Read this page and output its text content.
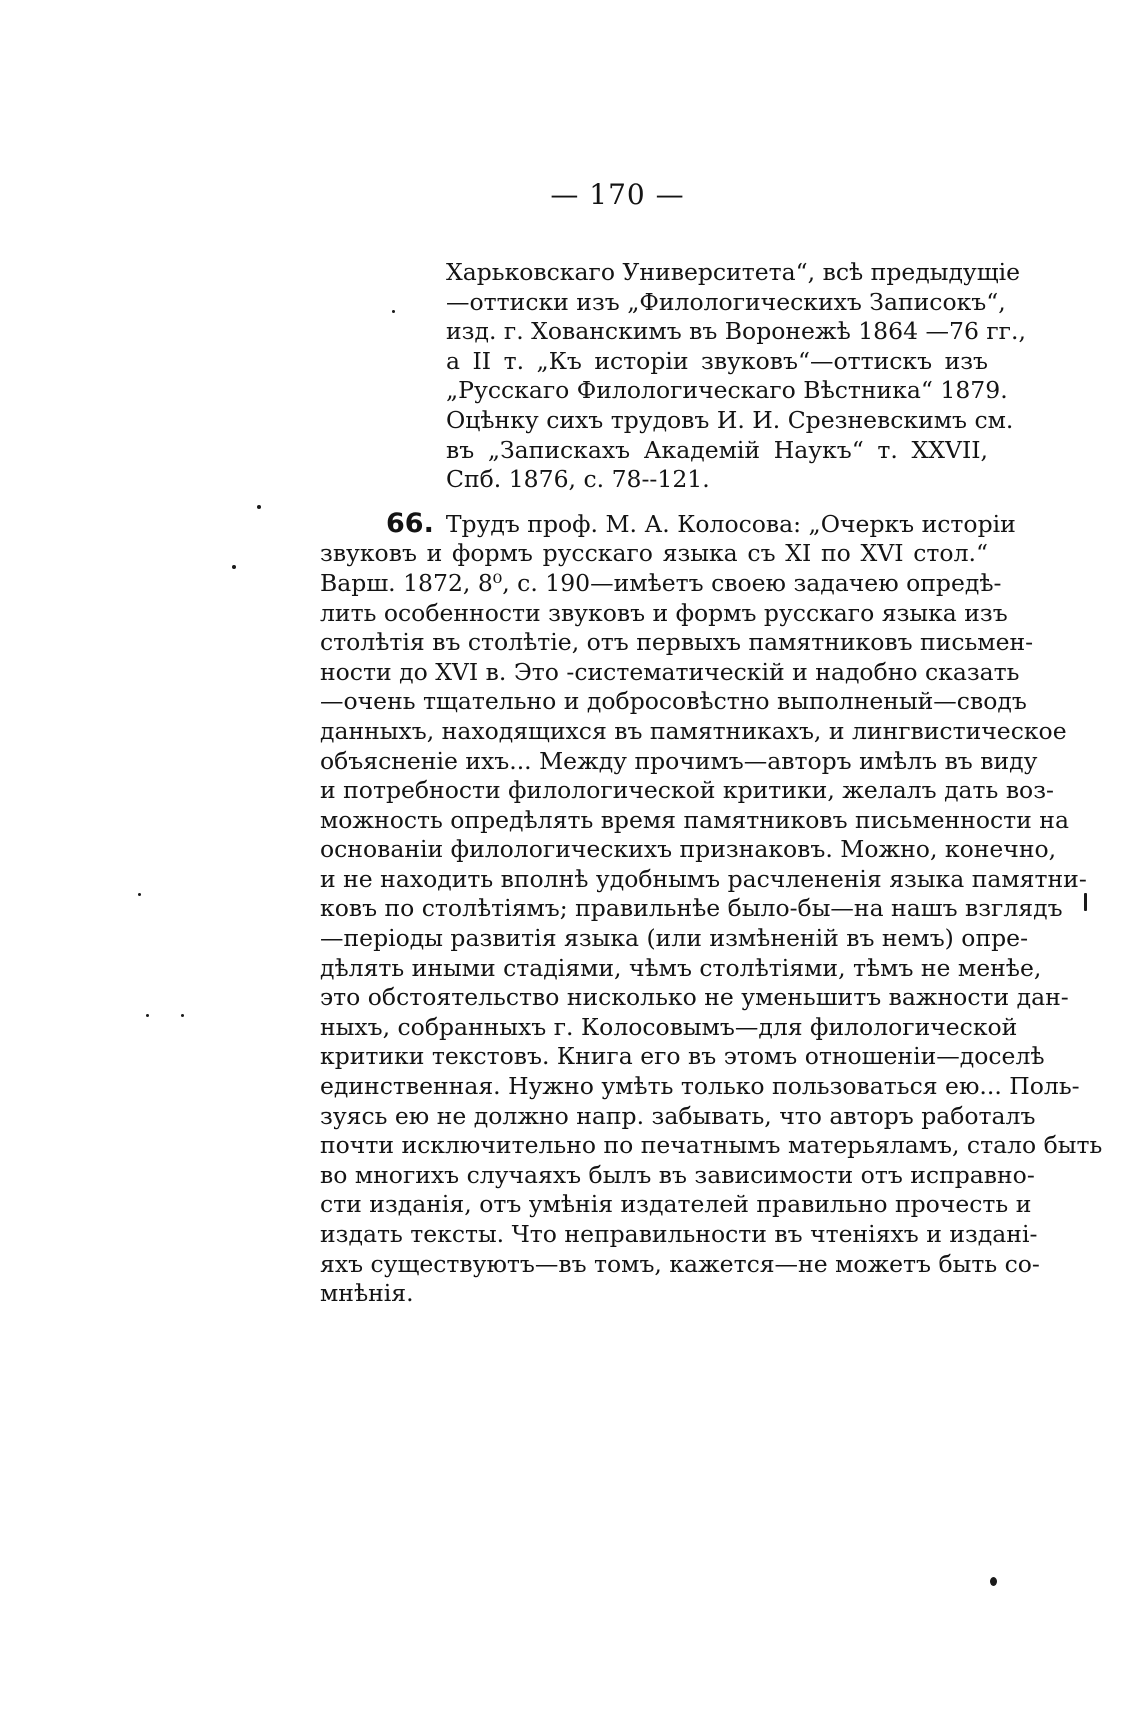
— 170 —
Харьковскаго Университета“, всѣ предыдущіе
—оттиски изъ „Филологическихъ Записокъ“,
изд. г. Хованскимъ въ Воронежѣ 1864 —76 гг.,
а II т. „Къ исторіи звуковъ“—оттискъ изъ
„Русскаго Филологическаго Вѣстника“ 1879.
Оцѣнку сихъ трудовъ И. И. Срезневскимъ см.
въ „Запискахъ Академій Наукъ“ т. XXVII,
Спб. 1876, с. 78--121.
66. Трудъ проф. М. А. Колосова: „Очеркъ исторіи
звуковъ и формъ русскаго языка съ XI по XVI стол.“
Варш. 1872, 8⁰, с. 190—имѣетъ своею задачею опредѣ-
лить особенности звуковъ и формъ русскаго языка изъ
столѣтія въ столѣтіе, отъ первыхъ памятниковъ письмен-
ности до XVI в. Это -систематическій и надобно сказать
—очень тщательно и добросовѣстно выполненый—сводъ
данныхъ, находящихся въ памятникахъ, и лингвистическое
объясненіе ихъ... Между прочимъ—авторъ имѣлъ въ виду
и потребности филологической критики, желалъ дать воз-
можность опредѣлять время памятниковъ письменности на
основаніи филологическихъ признаковъ. Можно, конечно,
и не находить вполнѣ удобнымъ расчлененія языка памятни-
ковъ по столѣтіямъ; правильнѣе было-бы—на нашъ взглядъ
—періоды развитія языка (или измѣненій въ немъ) опре-
дѣлять иными стадіями, чѣмъ столѣтіями, тѣмъ не менѣе,
это обстоятельство нисколько не уменьшитъ важности дан-
ныхъ, собранныхъ г. Колосовымъ—для филологической
критики текстовъ. Книга его въ этомъ отношеніи—доселѣ
единственная. Нужно умѣть только пользоваться ею... Поль-
зуясь ею не должно напр. забывать, что авторъ работалъ
почти исключительно по печатнымъ матерьяламъ, стало быть
во многихъ случаяхъ былъ въ зависимости отъ исправно-
сти изданія, отъ умѣнія издателей правильно прочесть и
издать тексты. Что неправильности въ чтеніяхъ и изданi-
яхъ существуютъ—въ томъ, кажется—не можетъ быть со-
мнѣнія.
